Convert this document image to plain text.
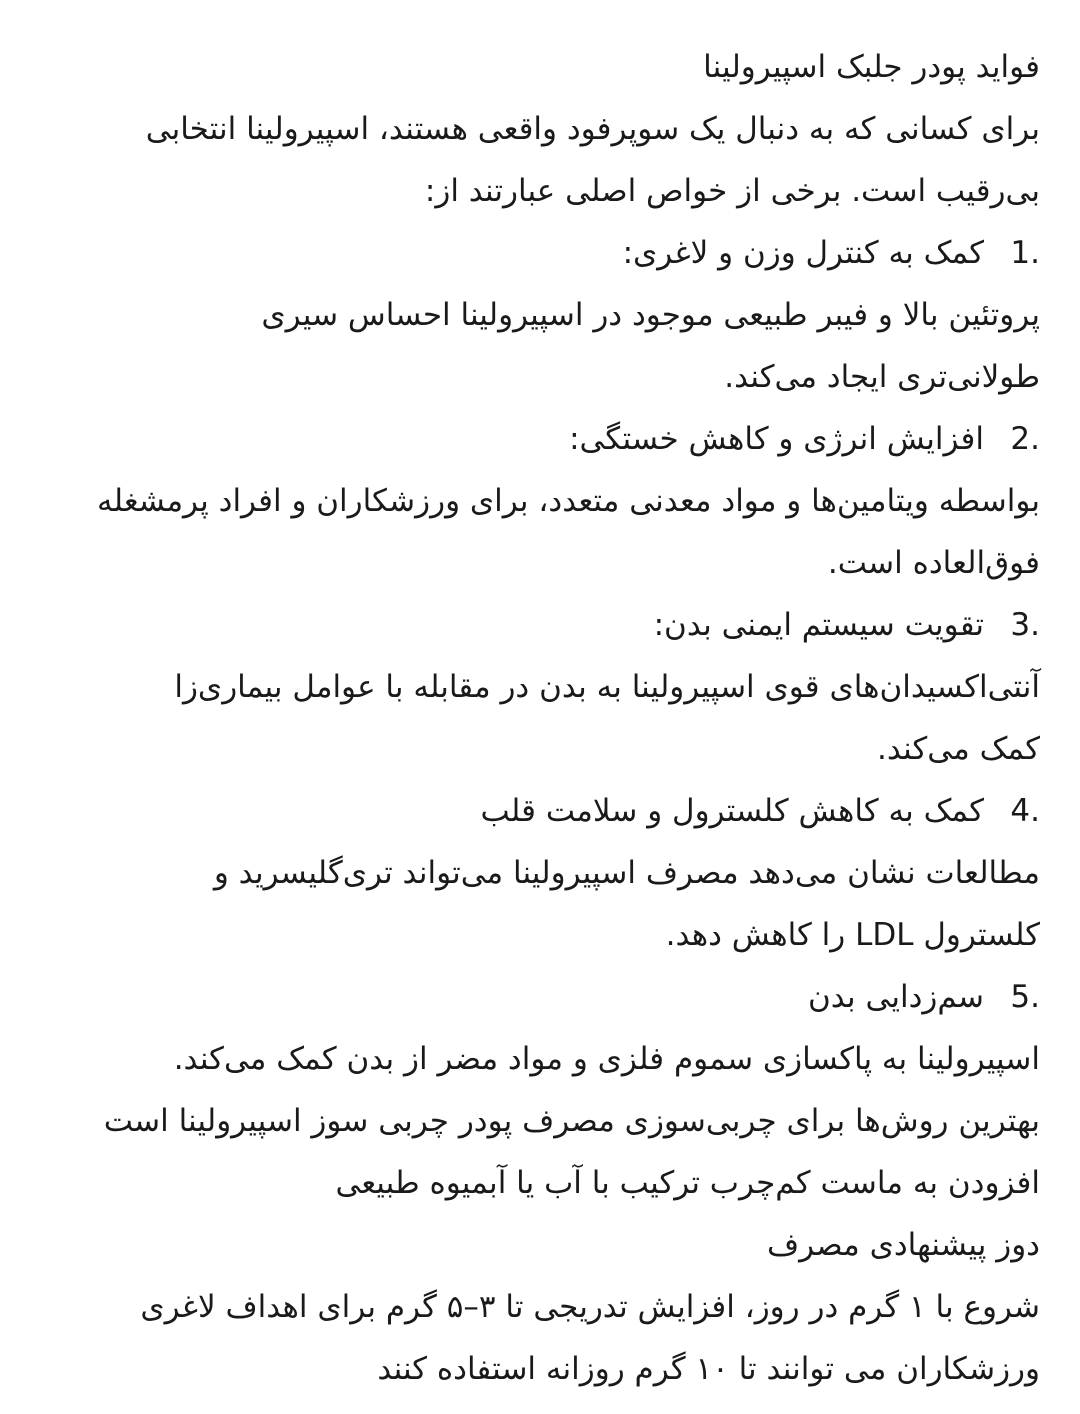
فواید پودر جلبک اسپیرولینا
برای کسانی که به دنبال یک سوپرفود واقعی هستند، اسپیرولینا انتخابی
بی‌رقیب است. برخی از خواص اصلی عبارتند از:
1.
کمک به کنترل وزن و لاغری:
پروتئین بالا و فیبر طبیعی موجود در اسپیرولینا احساس سیری
طولانی‌تری ایجاد می‌کند.
2.
افزایش انرژی و کاهش خستگی:
بواسطه ویتامین‌ها و مواد معدنی متعدد، برای ورزشکاران و افراد پرمشغله
فوق‌العاده است.
3.
تقویت سیستم ایمنی بدن:
آنتی‌اکسیدان‌های قوی اسپیرولینا به بدن در مقابله با عوامل بیماری‌زا
کمک می‌کند.
4.
کمک به کاهش کلسترول و سلامت قلب
مطالعات نشان می‌دهد مصرف اسپیرولینا می‌تواند تری‌گلیسرید و
کلسترول LDL را کاهش دهد.
5.
سم‌زدایی بدن
اسپیرولینا به پاکسازی سموم فلزی و مواد مضر از بدن کمک می‌کند.
بهترین روش‌ها برای چربی‌سوزی مصرف پودر چربی سوز اسپیرولینا است
افزودن به ماست کم‌چرب ترکیب با آب یا آبمیوه طبیعی
دوز پیشنهادی مصرف
شروع با ۱ گرم در روز، افزایش تدریجی تا ۳–۵ گرم برای اهداف لاغری
ورزشکاران می توانند تا ۱۰ گرم روزانه استفاده کنند
